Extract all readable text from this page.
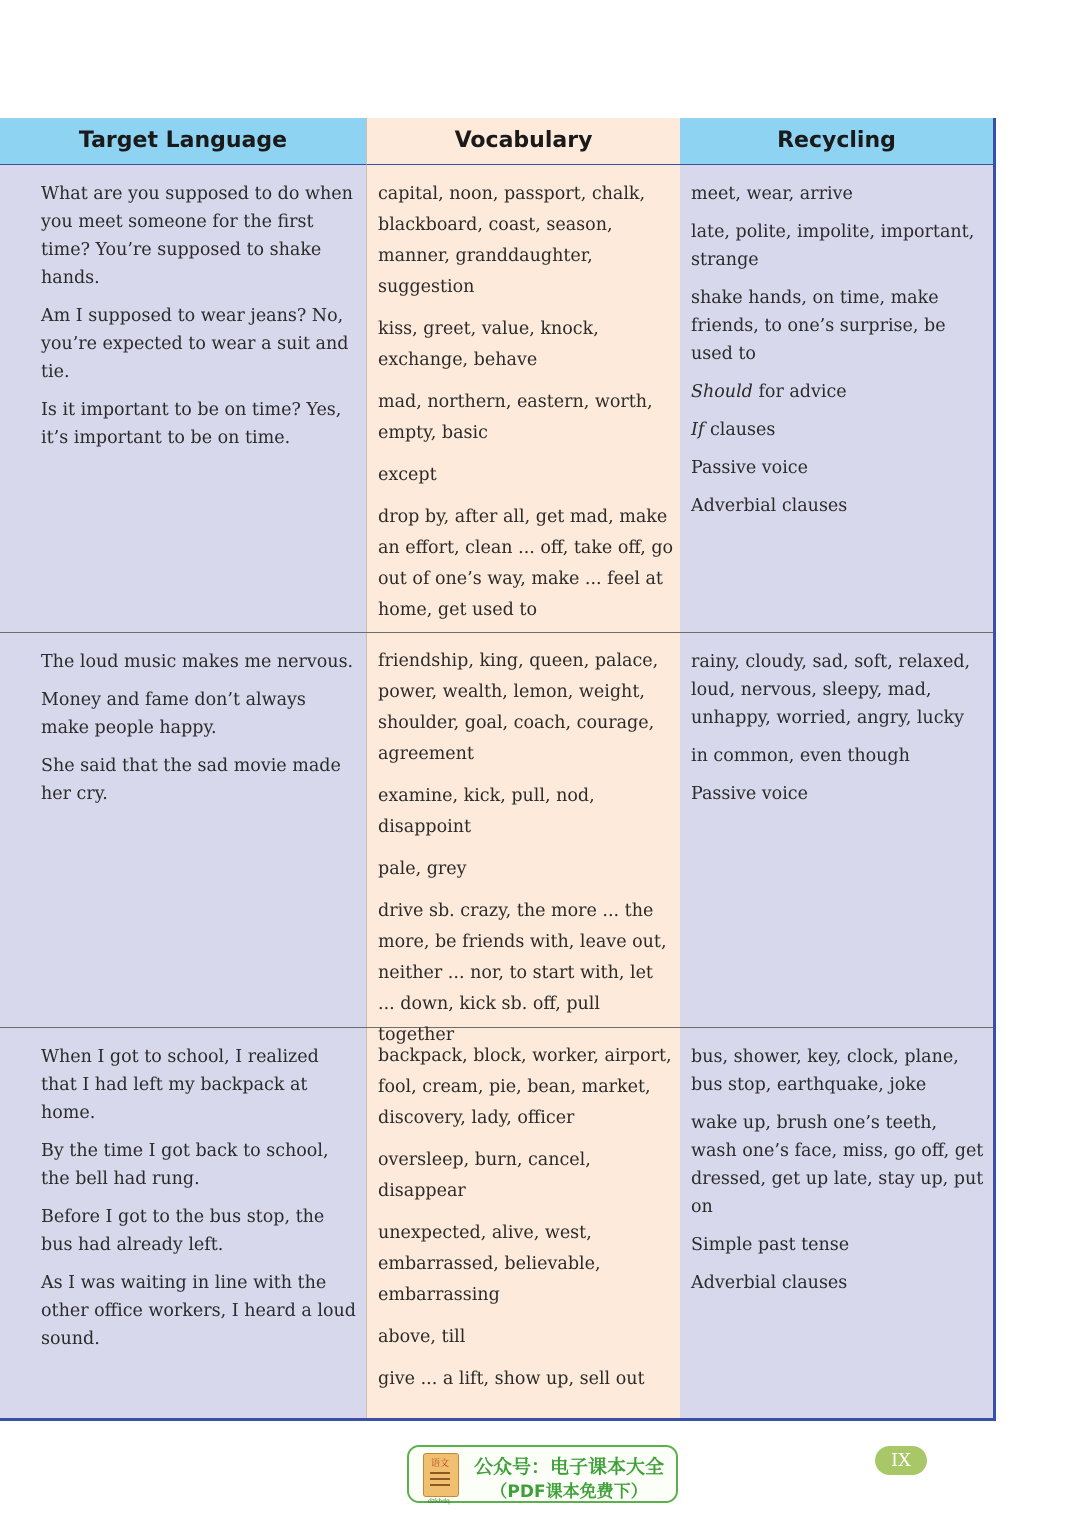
Target Language	Vocabulary	Recycling

What are you supposed to do when you meet someone for the first time? You’re supposed to shake hands.

Am I supposed to wear jeans? No, you’re expected to wear a suit and tie.

Is it important to be on time? Yes, it’s important to be on time.

capital, noon, passport, chalk, blackboard, coast, season, manner, granddaughter, suggestion

kiss, greet, value, knock, exchange, behave

mad, northern, eastern, worth, empty, basic

except

drop by, after all, get mad, make an effort, clean ... off, take off, go out of one’s way, make ... feel at home, get used to

meet, wear, arrive

late, polite, impolite, important, strange

shake hands, on time, make friends, to one’s surprise, be used to

Should for advice

If clauses

Passive voice

Adverbial clauses

The loud music makes me nervous.

Money and fame don’t always make people happy.

She said that the sad movie made her cry.

friendship, king, queen, palace, power, wealth, lemon, weight, shoulder, goal, coach, courage, agreement

examine, kick, pull, nod, disappoint

pale, grey

drive sb. crazy, the more ... the more, be friends with, leave out, neither ... nor, to start with, let ... down, kick sb. off, pull together

rainy, cloudy, sad, soft, relaxed, loud, nervous, sleepy, mad, unhappy, worried, angry, lucky

in common, even though

Passive voice

When I got to school, I realized that I had left my backpack at home.

By the time I got back to school, the bell had rung.

Before I got to the bus stop, the bus had already left.

As I was waiting in line with the other office workers, I heard a loud sound.

backpack, block, worker, airport, fool, cream, pie, bean, market, discovery, lady, officer

oversleep, burn, cancel, disappear

unexpected, alive, west, embarrassed, believable, embarrassing

above, till

give ... a lift, show up, sell out

bus, shower, key, clock, plane, bus stop, earthquake, joke

wake up, brush one’s teeth, wash one’s face, miss, go off, get dressed, get up late, stay up, put on

Simple past tense

Adverbial clauses

语文
dzkbdq
公众号：电子课本大全
（PDF课本免费下）
IX
